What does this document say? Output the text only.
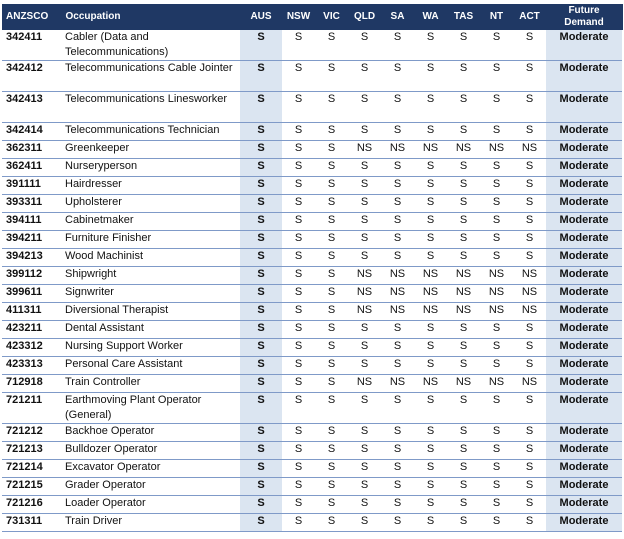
ANZSCO	Occupation	AUS	NSW	VIC	QLD	SA	WA	TAS	NT	ACT	Future
Demand
342411	Cabler (Data and Telecommunications)	S	S	S	S	S	S	S	S	S	Moderate
342412	Telecommunications Cable Jointer	S	S	S	S	S	S	S	S	S	Moderate
342413	Telecommunications Linesworker	S	S	S	S	S	S	S	S	S	Moderate
342414	Telecommunications Technician	S	S	S	S	S	S	S	S	S	Moderate
362311	Greenkeeper	S	S	S	NS	NS	NS	NS	NS	NS	Moderate
362411	Nurseryperson	S	S	S	S	S	S	S	S	S	Moderate
391111	Hairdresser	S	S	S	S	S	S	S	S	S	Moderate
393311	Upholsterer	S	S	S	S	S	S	S	S	S	Moderate
394111	Cabinetmaker	S	S	S	S	S	S	S	S	S	Moderate
394211	Furniture Finisher	S	S	S	S	S	S	S	S	S	Moderate
394213	Wood Machinist	S	S	S	S	S	S	S	S	S	Moderate
399112	Shipwright	S	S	S	NS	NS	NS	NS	NS	NS	Moderate
399611	Signwriter	S	S	S	NS	NS	NS	NS	NS	NS	Moderate
411311	Diversional Therapist	S	S	S	NS	NS	NS	NS	NS	NS	Moderate
423211	Dental Assistant	S	S	S	S	S	S	S	S	S	Moderate
423312	Nursing Support Worker	S	S	S	S	S	S	S	S	S	Moderate
423313	Personal Care Assistant	S	S	S	S	S	S	S	S	S	Moderate
712918	Train Controller	S	S	S	NS	NS	NS	NS	NS	NS	Moderate
721211	Earthmoving Plant Operator (General)	S	S	S	S	S	S	S	S	S	Moderate
721212	Backhoe Operator	S	S	S	S	S	S	S	S	S	Moderate
721213	Bulldozer Operator	S	S	S	S	S	S	S	S	S	Moderate
721214	Excavator Operator	S	S	S	S	S	S	S	S	S	Moderate
721215	Grader Operator	S	S	S	S	S	S	S	S	S	Moderate
721216	Loader Operator	S	S	S	S	S	S	S	S	S	Moderate
731311	Train Driver	S	S	S	S	S	S	S	S	S	Moderate
